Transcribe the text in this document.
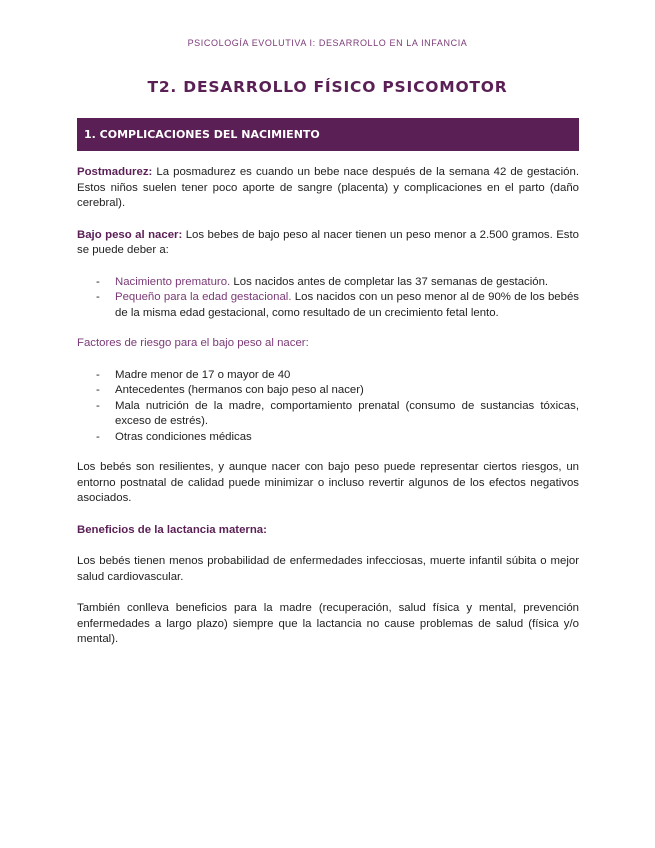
PSICOLOGÍA EVOLUTIVA I: DESARROLLO EN LA INFANCIA
T2. DESARROLLO FÍSICO PSICOMOTOR
1. COMPLICACIONES DEL NACIMIENTO

Postmadurez: La posmadurez es cuando un bebe nace después de la semana 42 de gestación. Estos niños suelen tener poco aporte de sangre (placenta) y complicaciones en el parto (daño cerebral).

Bajo peso al nacer: Los bebes de bajo peso al nacer tienen un peso menor a 2.500 gramos. Esto se puede deber a:

- Nacimiento prematuro. Los nacidos antes de completar las 37 semanas de gestación.
- Pequeño para la edad gestacional. Los nacidos con un peso menor al de 90% de los bebés de la misma edad gestacional, como resultado de un crecimiento fetal lento.

Factores de riesgo para el bajo peso al nacer:

- Madre menor de 17 o mayor de 40
- Antecedentes (hermanos con bajo peso al nacer)
- Mala nutrición de la madre, comportamiento prenatal (consumo de sustancias tóxicas, exceso de estrés).
- Otras condiciones médicas

Los bebés son resilientes, y aunque nacer con bajo peso puede representar ciertos riesgos, un entorno postnatal de calidad puede minimizar o incluso revertir algunos de los efectos negativos asociados.

Beneficios de la lactancia materna:

Los bebés tienen menos probabilidad de enfermedades infecciosas, muerte infantil súbita o mejor salud cardiovascular.

También conlleva beneficios para la madre (recuperación, salud física y mental, prevención enfermedades a largo plazo) siempre que la lactancia no cause problemas de salud (física y/o mental).
